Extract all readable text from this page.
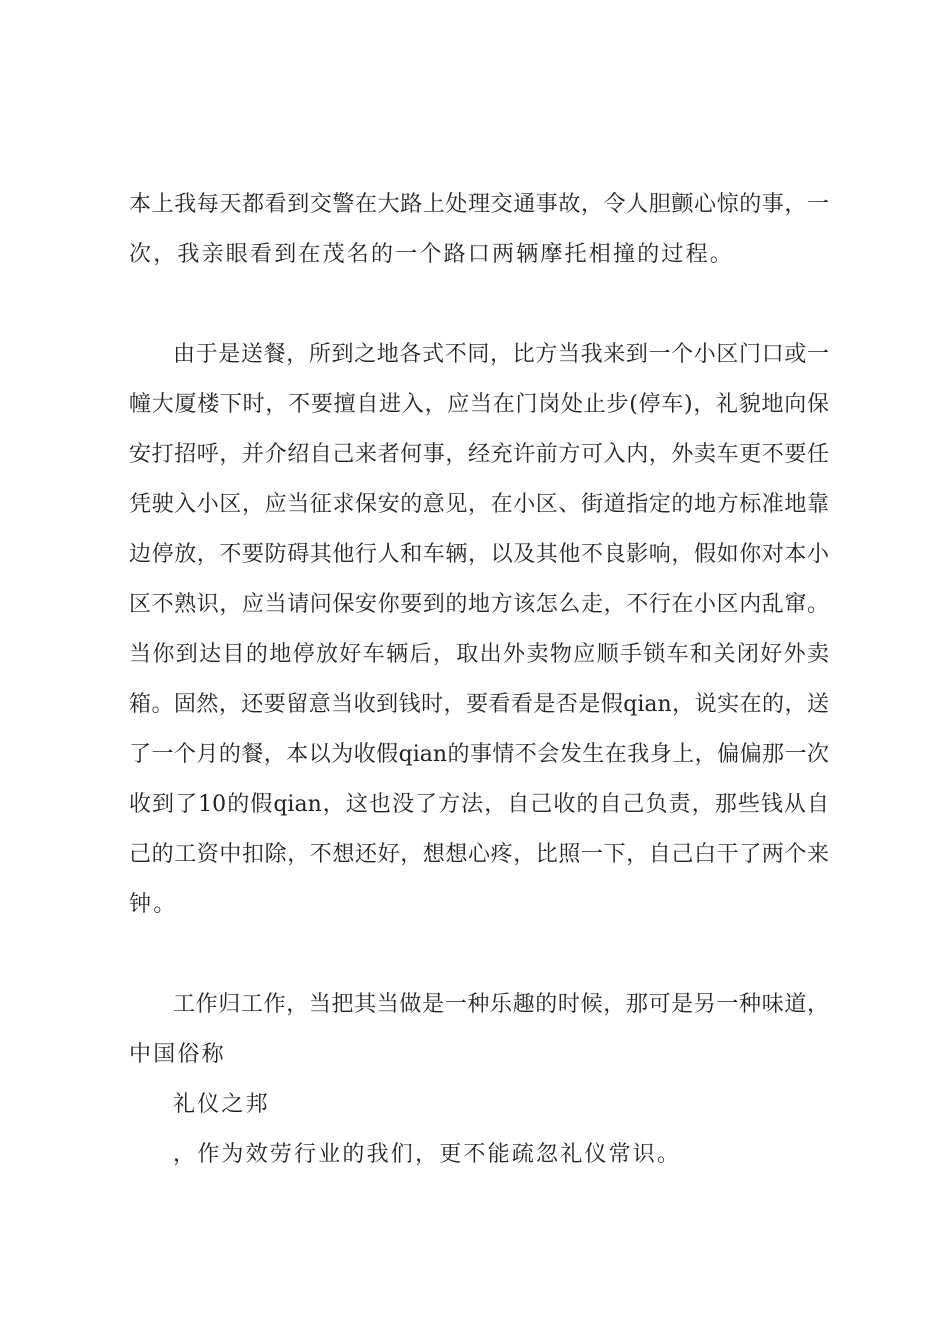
本上我每天都看到交警在大路上处理交通事故，令人胆颤心惊的事，一
次，我亲眼看到在茂名的一个路口两辆摩托相撞的过程。
由于是送餐，所到之地各式不同，比方当我来到一个小区门口或一
幢大厦楼下时，不要擅自进入，应当在门岗处止步(停车)，礼貌地向保
安打招呼，并介绍自己来者何事，经充许前方可入内，外卖车更不要任
凭驶入小区，应当征求保安的意见，在小区、街道指定的地方标准地靠
边停放，不要防碍其他行人和车辆，以及其他不良影响，假如你对本小
区不熟识，应当请问保安你要到的地方该怎么走，不行在小区内乱窜。
当你到达目的地停放好车辆后，取出外卖物应顺手锁车和关闭好外卖
箱。固然，还要留意当收到钱时，要看看是否是假qian，说实在的，送
了一个月的餐，本以为收假qian的事情不会发生在我身上，偏偏那一次
收到了10的假qian，这也没了方法，自己收的自己负责，那些钱从自
己的工资中扣除，不想还好，想想心疼，比照一下，自己白干了两个来
钟。
工作归工作，当把其当做是一种乐趣的时候，那可是另一种味道，
中国俗称
礼仪之邦
，作为效劳行业的我们，更不能疏忽礼仪常识。
